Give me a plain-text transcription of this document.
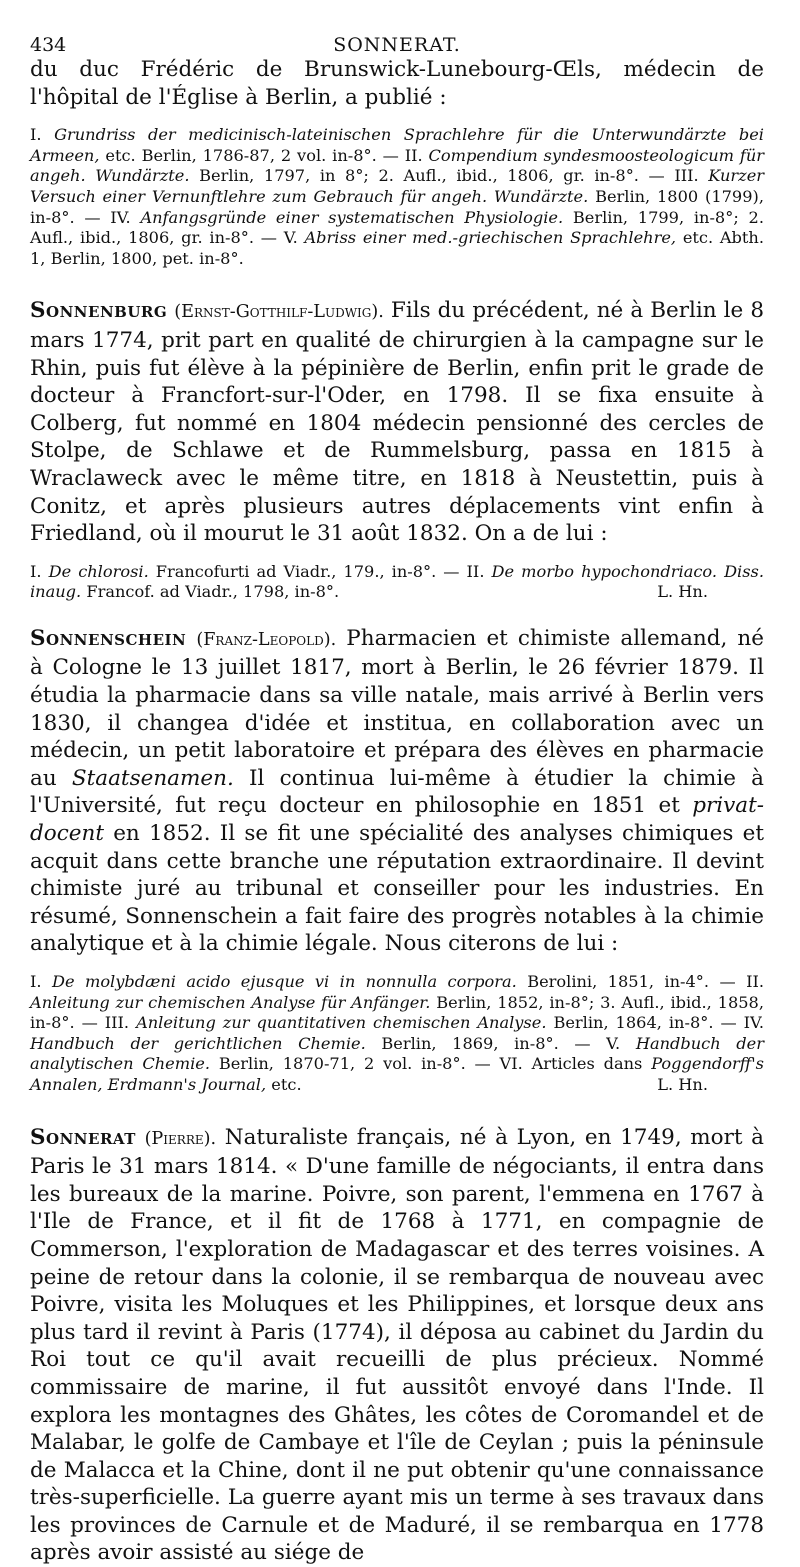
434	SONNERAT.

du duc Frédéric de Brunswick-Lunebourg-Œls, médecin de l'hôpital de l'Église à Berlin, a publié :

I. Grundriss der medicinisch-lateinischen Sprachlehre für die Unterwundärzte bei Armeen, etc. Berlin, 1786-87, 2 vol. in-8°. — II. Compendium syndesmoosteologicum für angeh. Wundärzte. Berlin, 1797, in 8°; 2. Aufl., ibid., 1806, gr. in-8°. — III. Kurzer Versuch einer Vernunftlehre zum Gebrauch für angeh. Wundärzte. Berlin, 1800 (1799), in-8°. — IV. Anfangsgründe einer systematischen Physiologie. Berlin, 1799, in-8°; 2. Aufl., ibid., 1806, gr. in-8°. — V. Abriss einer med.-griechischen Sprachlehre, etc. Abth. 1, Berlin, 1800, pet. in-8°.

Sonnenburg (Ernst-Gotthilf-Ludwig). Fils du précédent, né à Berlin le 8 mars 1774, prit part en qualité de chirurgien à la campagne sur le Rhin, puis fut élève à la pépinière de Berlin, enfin prit le grade de docteur à Francfort-sur-l'Oder, en 1798. Il se fixa ensuite à Colberg, fut nommé en 1804 médecin pensionné des cercles de Stolpe, de Schlawe et de Rummelsburg, passa en 1815 à Wraclaweck avec le même titre, en 1818 à Neustettin, puis à Conitz, et après plusieurs autres déplacements vint enfin à Friedland, où il mourut le 31 août 1832. On a de lui :

I. De chlorosi. Francofurti ad Viadr., 179., in-8°. — II. De morbo hypochondriaco. Diss. inaug. Francof. ad Viadr., 1798, in-8°.	L. Hn.

Sonnenschein (Franz-Leopold). Pharmacien et chimiste allemand, né à Cologne le 13 juillet 1817, mort à Berlin, le 26 février 1879. Il étudia la pharmacie dans sa ville natale, mais arrivé à Berlin vers 1830, il changea d'idée et institua, en collaboration avec un médecin, un petit laboratoire et prépara des élèves en pharmacie au Staatsenamen. Il continua lui-même à étudier la chimie à l'Université, fut reçu docteur en philosophie en 1851 et privat-docent en 1852. Il se fit une spécialité des analyses chimiques et acquit dans cette branche une réputation extraordinaire. Il devint chimiste juré au tribunal et conseiller pour les industries. En résumé, Sonnenschein a fait faire des progrès notables à la chimie analytique et à la chimie légale. Nous citerons de lui :

I. De molybdæni acido ejusque vi in nonnulla corpora. Berolini, 1851, in-4°. — II. Anleitung zur chemischen Analyse für Anfänger. Berlin, 1852, in-8°; 3. Aufl., ibid., 1858, in-8°. — III. Anleitung zur quantitativen chemischen Analyse. Berlin, 1864, in-8°. — IV. Handbuch der gerichtlichen Chemie. Berlin, 1869, in-8°. — V. Handbuch der analytischen Chemie. Berlin, 1870-71, 2 vol. in-8°. — VI. Articles dans Poggendorff's Annalen, Erdmann's Journal, etc.	L. Hn.

Sonnerat (Pierre). Naturaliste français, né à Lyon, en 1749, mort à Paris le 31 mars 1814. « D'une famille de négociants, il entra dans les bureaux de la marine. Poivre, son parent, l'emmena en 1767 à l'Ile de France, et il fit de 1768 à 1771, en compagnie de Commerson, l'exploration de Madagascar et des terres voisines. A peine de retour dans la colonie, il se rembarqua de nouveau avec Poivre, visita les Moluques et les Philippines, et lorsque deux ans plus tard il revint à Paris (1774), il déposa au cabinet du Jardin du Roi tout ce qu'il avait recueilli de plus précieux. Nommé commissaire de marine, il fut aussitôt envoyé dans l'Inde. Il explora les montagnes des Ghâtes, les côtes de Coromandel et de Malabar, le golfe de Cambaye et l'île de Ceylan ; puis la péninsule de Malacca et la Chine, dont il ne put obtenir qu'une connaissance très-superficielle. La guerre ayant mis un terme à ses travaux dans les provinces de Carnule et de Maduré, il se rembarqua en 1778 après avoir assisté au siége de
